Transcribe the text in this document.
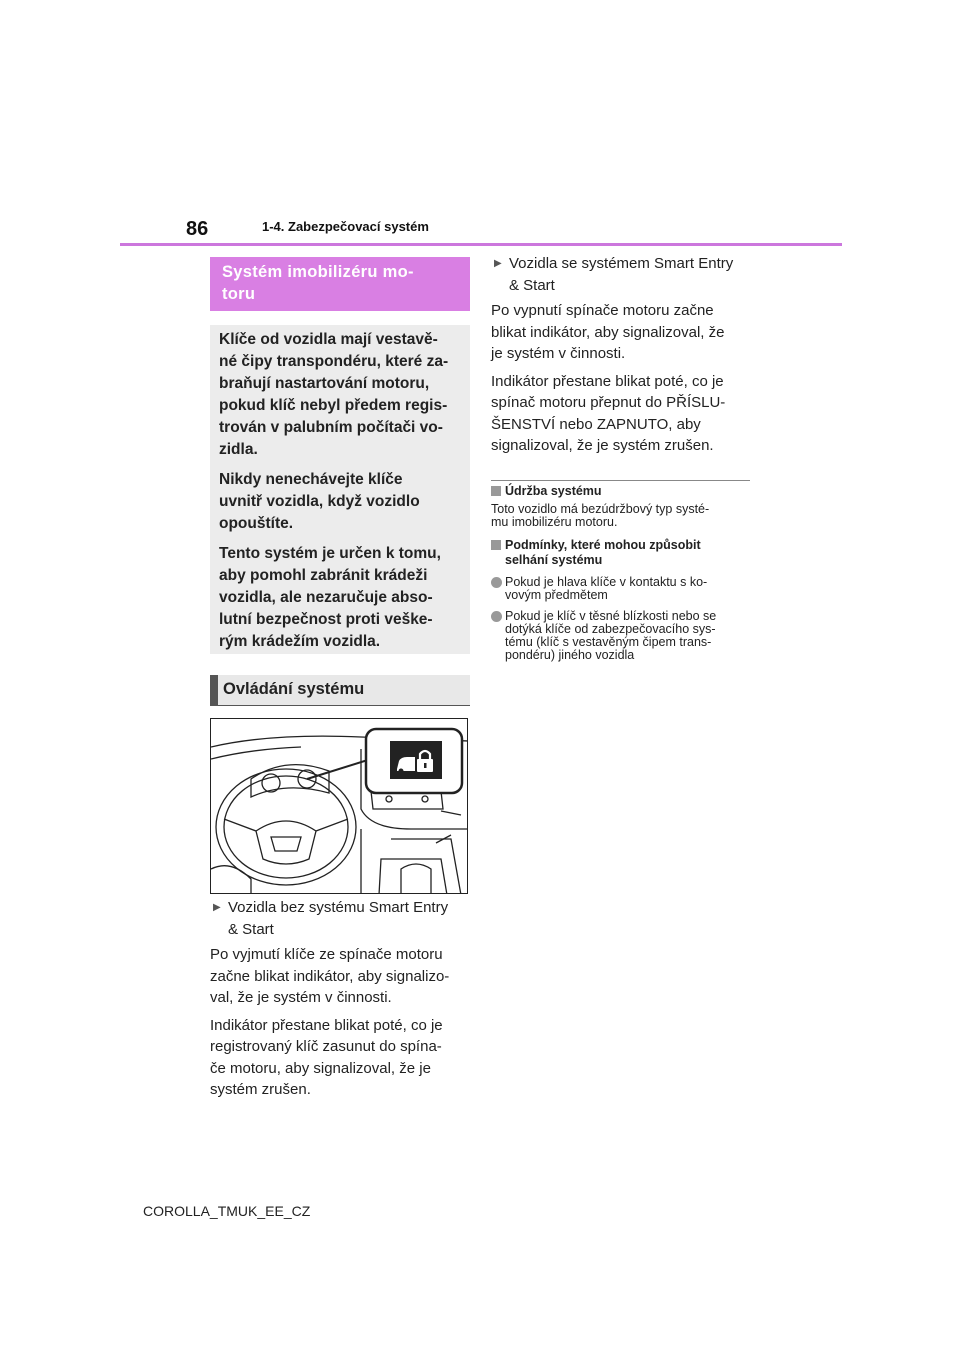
86	1-4. Zabezpečovací systém
Systém imobilizéru mo-
toru

Klíče od vozidla mají vestavě-
né čipy transpondéru, které za-
braňují nastartování motoru,
pokud klíč nebyl předem regis-
trován v palubním počítači vo-
zidla.

Nikdy nenechávejte klíče
uvnitř vozidla, když vozidlo
opouštíte.

Tento systém je určen k tomu,
aby pomohl zabránit krádeži
vozidla, ale nezaručuje abso-
lutní bezpečnost proti veške-
rým krádežím vozidla.

Ovládání systému
▶ Vozidla bez systému Smart Entry
& Start
Po vyjmutí klíče ze spínače motoru
začne blikat indikátor, aby signalizo-
val, že je systém v činnosti.
Indikátor přestane blikat poté, co je
registrovaný klíč zasunut do spína-
če motoru, aby signalizoval, že je
systém zrušen.
▶ Vozidla se systémem Smart Entry
& Start
Po vypnutí spínače motoru začne
blikat indikátor, aby signalizoval, že
je systém v činnosti.
Indikátor přestane blikat poté, co je
spínač motoru přepnut do PŘÍSLU-
ŠENSTVÍ nebo ZAPNUTO, aby
signalizoval, že je systém zrušen.
Údržba systému
Toto vozidlo má bezúdržbový typ systé-
mu imobilizéru motoru.
Podmínky, které mohou způsobit
selhání systému
Pokud je hlava klíče v kontaktu s ko-
vovým předmětem
Pokud je klíč v těsné blízkosti nebo se
dotýká klíče od zabezpečovacího sys-
tému (klíč s vestavěným čipem trans-
pondéru) jiného vozidla
COROLLA_TMUK_EE_CZ
